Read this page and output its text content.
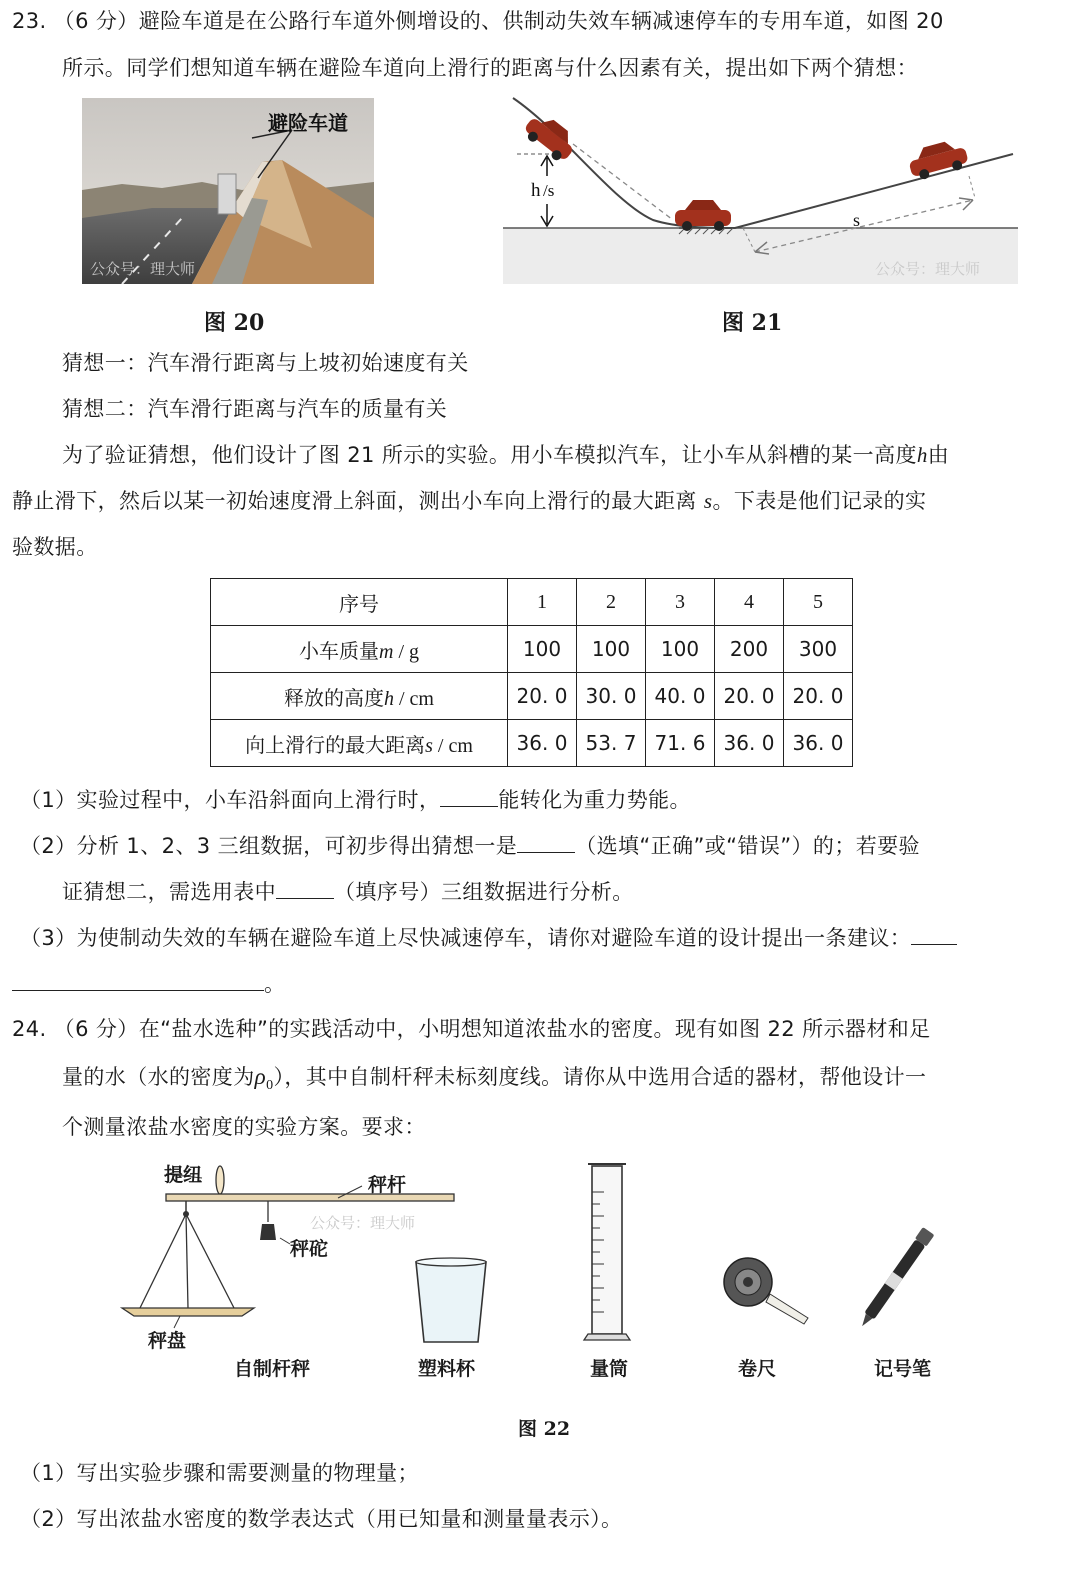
23. （6 分）避险车道是在公路行车道外侧增设的、供制动失效车辆减速停车的专用车道，如图 20
所示。同学们想知道车辆在避险车道向上滑行的距离与什么因素有关，提出如下两个猜想：
避险车道
公众号：理大师
图 20
h /s
s
公众号：理大师
图 21
猜想一：汽车滑行距离与上坡初始速度有关
猜想二：汽车滑行距离与汽车的质量有关
为了验证猜想，他们设计了图 21 所示的实验。用小车模拟汽车，让小车从斜槽的某一高度h由
静止滑下，然后以某一初始速度滑上斜面，测出小车向上滑行的最大距离 s。下表是他们记录的实
验数据。
序号	1	2	3	4	5
小车质量m / g	100	100	100	200	300
释放的高度h / cm	20. 0	30. 0	40. 0	20. 0	20. 0
向上滑行的最大距离s / cm	36. 0	53. 7	71. 6	36. 0	36. 0
（1）实验过程中，小车沿斜面向上滑行时，	能转化为重力势能。
（2）分析 1、2、3 三组数据，可初步得出猜想一是	（选填“正确”或“错误”）的；若要验
证猜想二，需选用表中	（填序号）三组数据进行分析。
（3）为使制动失效的车辆在避险车道上尽快减速停车，请你对避险车道的设计提出一条建议：
。
24. （6 分）在“盐水选种”的实践活动中，小明想知道浓盐水的密度。现有如图 22 所示器材和足
量的水（水的密度为$\rho_0$），其中自制杆秤未标刻度线。请你从中选用合适的器材，帮他设计一
个测量浓盐水密度的实验方案。要求：
公众号：理大师
提纽	秤杆
秤砣
秤盘
自制杆秤	塑料杯	量筒	卷尺	记号笔
图 22
（1）写出实验步骤和需要测量的物理量；
（2）写出浓盐水密度的数学表达式（用已知量和测量量表示）。
